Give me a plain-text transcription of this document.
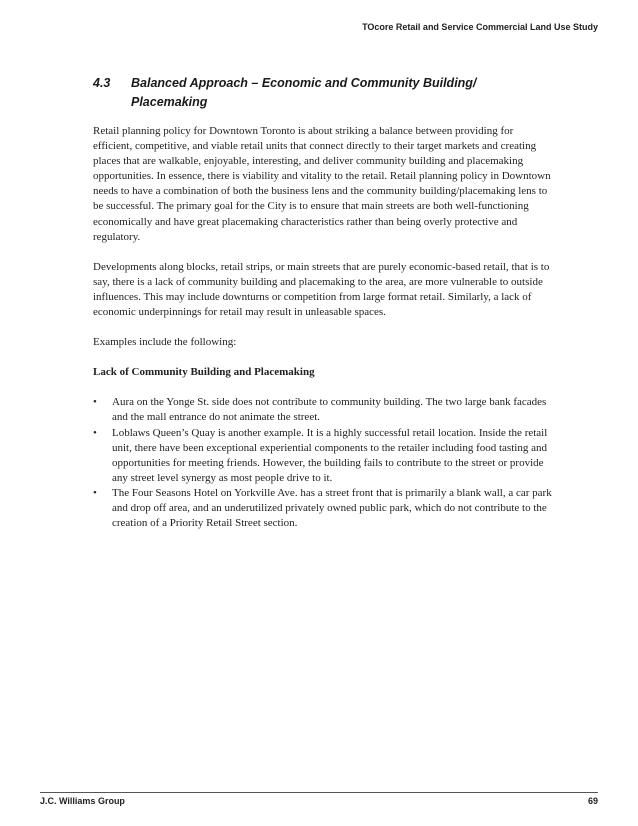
TOcore Retail and Service Commercial Land Use Study
4.3 Balanced Approach – Economic and Community Building/ Placemaking

Retail planning policy for Downtown Toronto is about striking a balance between providing for efficient, competitive, and viable retail units that connect directly to their target markets and creating places that are walkable, enjoyable, interesting, and deliver community building and placemaking opportunities. In essence, there is viability and vitality to the retail. Retail planning policy in Downtown needs to have a combination of both the business lens and the community building/placemaking lens to be successful. The primary goal for the City is to ensure that main streets are both well-functioning economically and have great placemaking characteristics rather than being overly protective and regulatory.

Developments along blocks, retail strips, or main streets that are purely economic-based retail, that is to say, there is a lack of community building and placemaking to the area, are more vulnerable to outside influences. This may include downturns or competition from large format retail. Similarly, a lack of economic underpinnings for retail may result in unleasable spaces.

Examples include the following:

Lack of Community Building and Placemaking

• Aura on the Yonge St. side does not contribute to community building. The two large bank facades and the mall entrance do not animate the street.
• Loblaws Queen’s Quay is another example. It is a highly successful retail location. Inside the retail unit, there have been exceptional experiential components to the retailer including food tasting and opportunities for meeting friends. However, the building fails to contribute to the street or provide any street level synergy as most people drive to it.
• The Four Seasons Hotel on Yorkville Ave. has a street front that is primarily a blank wall, a car park and drop off area, and an underutilized privately owned public park, which do not contribute to the creation of a Priority Retail Street section.
J.C. Williams Group	69
